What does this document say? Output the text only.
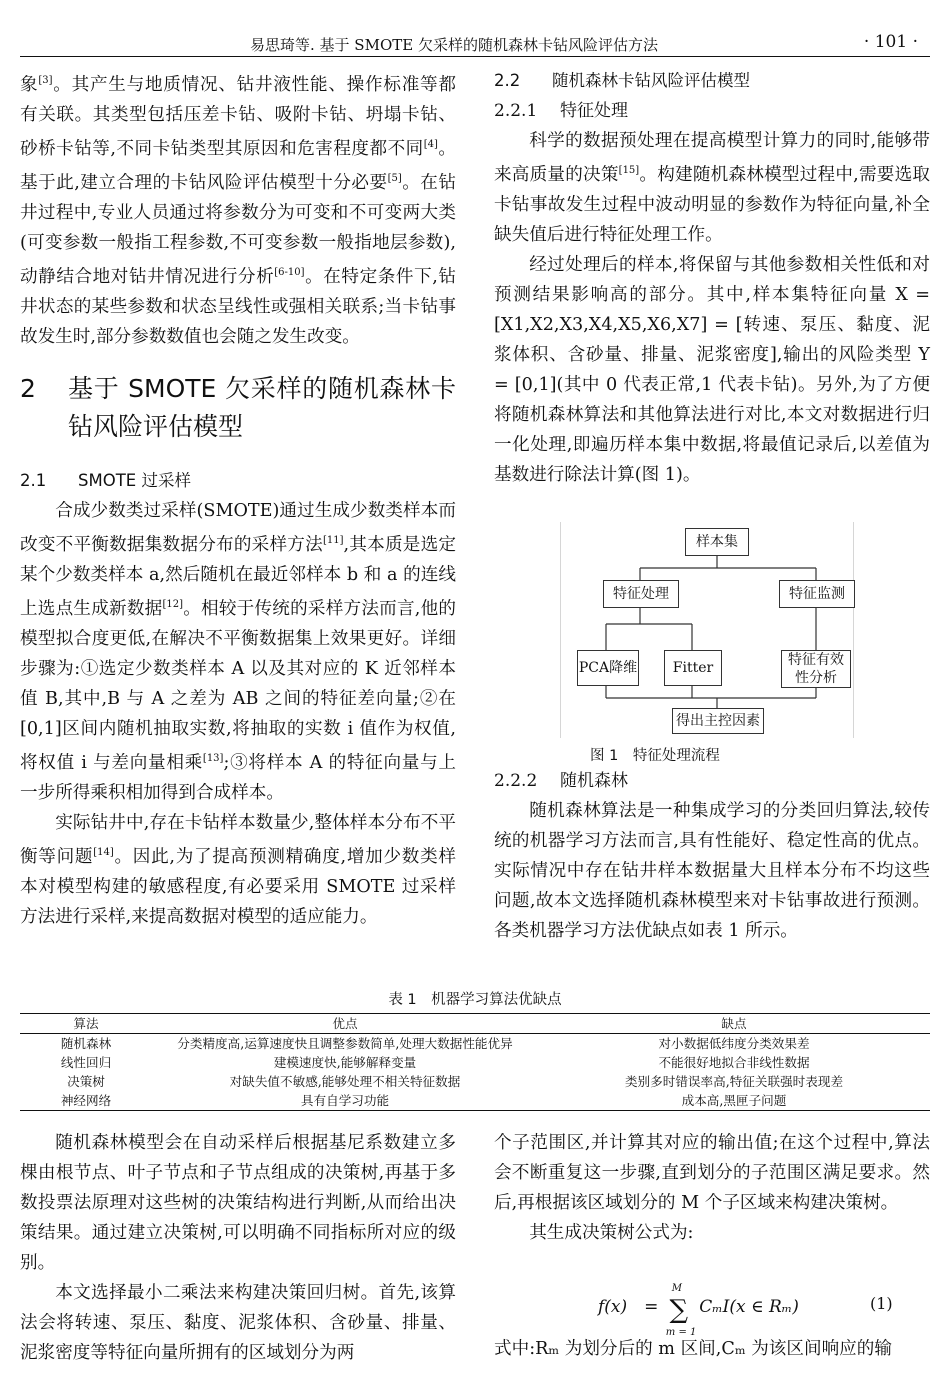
易思琦等. 基于 SMOTE 欠采样的随机森林卡钻风险评估方法	· 101 ·

象[3]。其产生与地质情况、钻井液性能、操作标准等都有关联。其类型包括压差卡钻、吸附卡钻、坍塌卡钻、砂桥卡钻等,不同卡钻类型其原因和危害程度都不同[4]。基于此,建立合理的卡钻风险评估模型十分必要[5]。在钻井过程中,专业人员通过将参数分为可变和不可变两大类(可变参数一般指工程参数,不可变参数一般指地层参数),动静结合地对钻井情况进行分析[6-10]。在特定条件下,钻井状态的某些参数和状态呈线性或强相关联系;当卡钻事故发生时,部分参数数值也会随之发生改变。

2	基于 SMOTE 欠采样的随机森林卡钻风险评估模型

2.1 SMOTE 过采样

合成少数类过采样(SMOTE)通过生成少数类样本而改变不平衡数据集数据分布的采样方法[11],其本质是选定某个少数类样本 a,然后随机在最近邻样本 b 和 a 的连线上选点生成新数据[12]。相较于传统的采样方法而言,他的模型拟合度更低,在解决不平衡数据集上效果更好。详细步骤为:①选定少数类样本 A 以及其对应的 K 近邻样本值 B,其中,B 与 A 之差为 AB 之间的特征差向量;②在[0,1]区间内随机抽取实数,将抽取的实数 i 值作为权值,将权值 i 与差向量相乘[13];③将样本 A 的特征向量与上一步所得乘积相加得到合成样本。

实际钻井中,存在卡钻样本数量少,整体样本分布不平衡等问题[14]。因此,为了提高预测精确度,增加少数类样本对模型构建的敏感程度,有必要采用 SMOTE 过采样方法进行采样,来提高数据对模型的适应能力。

2.2 随机森林卡钻风险评估模型

2.2.1 特征处理

科学的数据预处理在提高模型计算力的同时,能够带来高质量的决策[15]。构建随机森林模型过程中,需要选取卡钻事故发生过程中波动明显的参数作为特征向量,补全缺失值后进行特征处理工作。

经过处理后的样本,将保留与其他参数相关性低和对预测结果影响高的部分。其中,样本集特征向量 X = [X1,X2,X3,X4,X5,X6,X7] = [转速、泵压、黏度、泥浆体积、含砂量、排量、泥浆密度],输出的风险类型 Y = [0,1](其中 0 代表正常,1 代表卡钻)。另外,为了方便将随机森林算法和其他算法进行对比,本文对数据进行归一化处理,即遍历样本集中数据,将最值记录后,以差值为基数进行除法计算(图 1)。

样本集
特征处理	特征监测
PCA降维	Fitter	特征有效性分析
得出主控因素
图 1　特征处理流程

2.2.2 随机森林

随机森林算法是一种集成学习的分类回归算法,较传统的机器学习方法而言,具有性能好、稳定性高的优点。实际情况中存在钻井样本数据量大且样本分布不均这些问题,故本文选择随机森林模型来对卡钻事故进行预测。各类机器学习方法优缺点如表 1 所示。

表 1　机器学习算法优缺点
算法	优点	缺点
随机森林	分类精度高,运算速度快且调整参数简单,处理大数据性能优异	对小数据低纬度分类效果差
线性回归	建模速度快,能够解释变量	不能很好地拟合非线性数据
决策树	对缺失值不敏感,能够处理不相关特征数据	类别多时错误率高,特征关联强时表现差
神经网络	具有自学习功能	成本高,黑匣子问题

随机森林模型会在自动采样后根据基尼系数建立多棵由根节点、叶子节点和子节点组成的决策树,再基于多数投票法原理对这些树的决策结构进行判断,从而给出决策结果。通过建立决策树,可以明确不同指标所对应的级别。

本文选择最小二乘法来构建决策回归树。首先,该算法会将转速、泵压、黏度、泥浆体积、含砂量、排量、泥浆密度等特征向量所拥有的区域划分为两

个子范围区,并计算其对应的输出值;在这个过程中,算法会不断重复这一步骤,直到划分的子范围区满足要求。然后,再根据该区域划分的 M 个子区域来构建决策树。

其生成决策树公式为:

f(x)　= ∑
M
m = 1
CₘI(x ∈ Rₘ)	(1)

式中:Rₘ 为划分后的 m 区间,Cₘ 为该区间响应的输
